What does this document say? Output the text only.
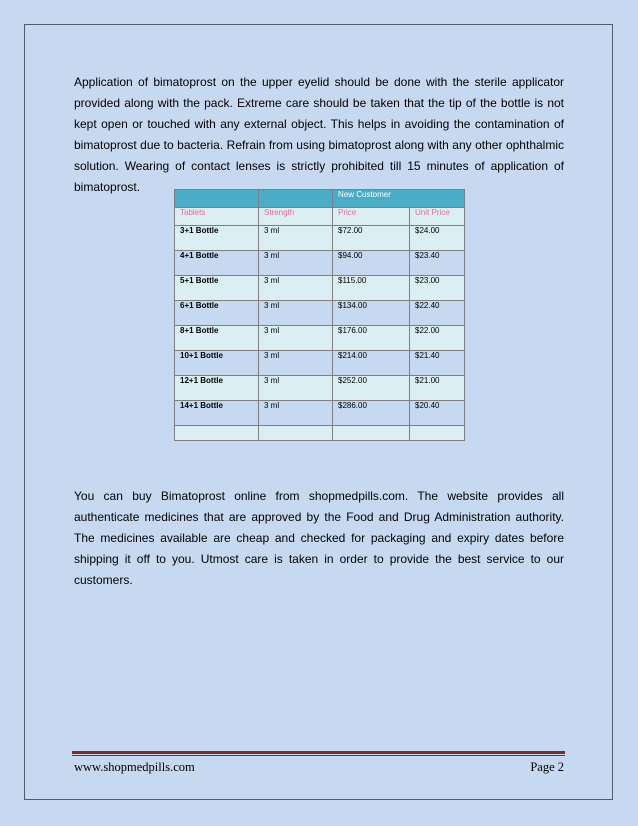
Application of bimatoprost on the upper eyelid should be done with the sterile applicator provided along with the pack. Extreme care should be taken that the tip of the bottle is not kept open or touched with any external object. This helps in avoiding the contamination of bimatoprost due to bacteria. Refrain from using bimatoprost along with any other ophthalmic solution. Wearing of contact lenses is strictly prohibited till 15 minutes of application of bimatoprost.

		New Customer	
Tablets	Strength	Price	Unit Price
3+1 Bottle	3 ml	$72.00	$24.00
4+1 Bottle	3 ml	$94.00	$23.40
5+1 Bottle	3 ml	$115.00	$23.00
6+1 Bottle	3 ml	$134.00	$22.40
8+1 Bottle	3 ml	$176.00	$22.00
10+1 Bottle	3 ml	$214.00	$21.40
12+1 Bottle	3 ml	$252.00	$21.00
14+1 Bottle	3 ml	$286.00	$20.40

You can buy Bimatoprost online from shopmedpills.com. The website provides all authenticate medicines that are approved by the Food and Drug Administration authority. The medicines available are cheap and checked for packaging and expiry dates before shipping it off to you. Utmost care is taken in order to provide the best service to our customers.

www.shopmedpills.com	Page 2
